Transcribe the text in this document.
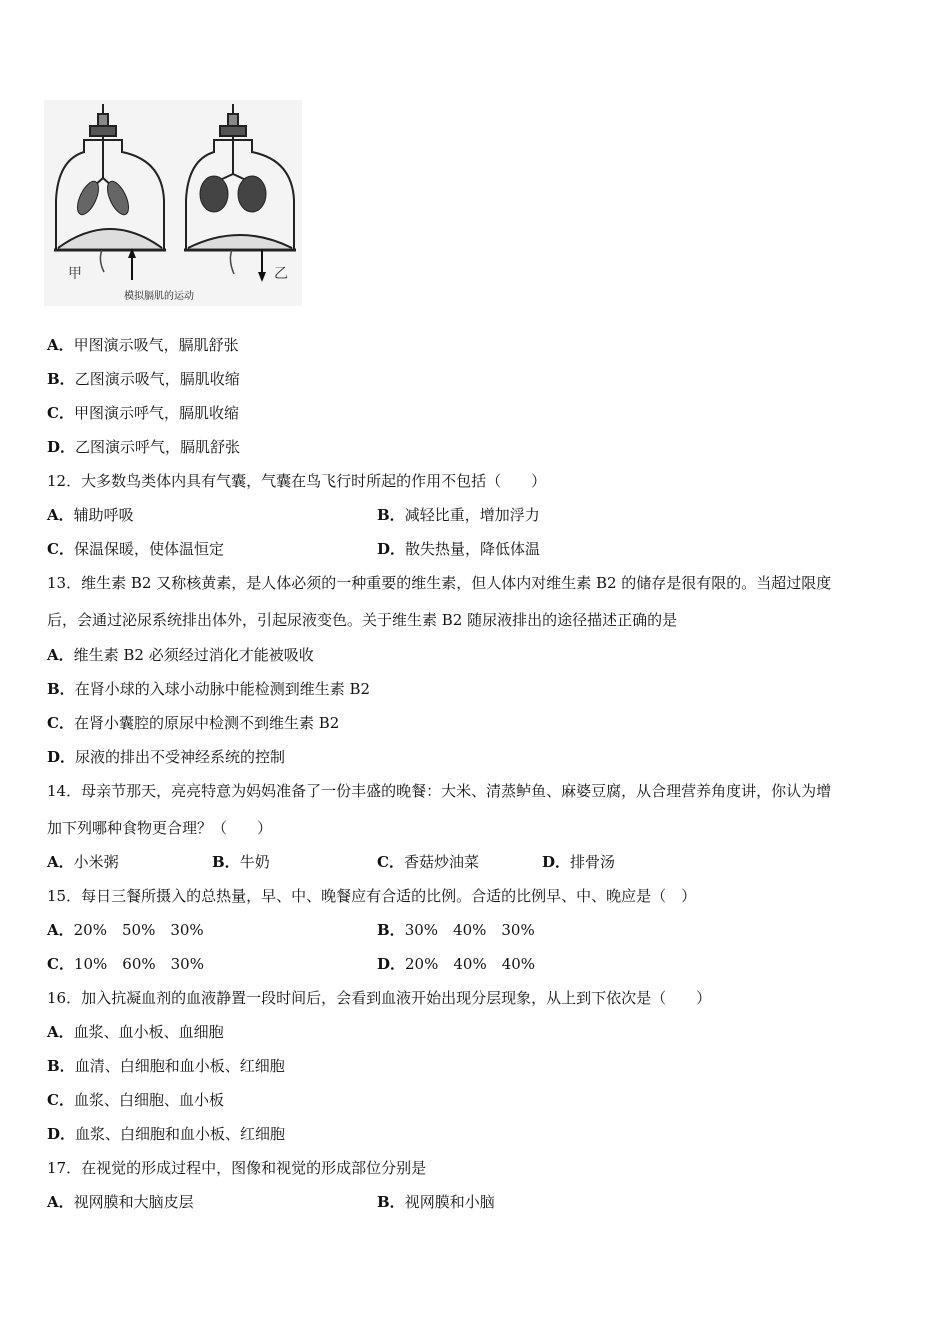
甲	乙
模拟膈肌的运动
A．甲图演示吸气，膈肌舒张
B．乙图演示吸气，膈肌收缩
C．甲图演示呼气，膈肌收缩
D．乙图演示呼气，膈肌舒张
12．大多数鸟类体内具有气囊，气囊在鸟飞行时所起的作用不包括（　　）
A．辅助呼吸	B．减轻比重，增加浮力
C．保温保暖，使体温恒定	D．散失热量，降低体温
13．维生素 B2 又称核黄素，是人体必须的一种重要的维生素，但人体内对维生素 B2 的储存是很有限的。当超过限度
后，会通过泌尿系统排出体外，引起尿液变色。关于维生素 B2 随尿液排出的途径描述正确的是
A．维生素 B2 必须经过消化才能被吸收
B．在肾小球的入球小动脉中能检测到维生素 B2
C．在肾小囊腔的原尿中检测不到维生素 B2
D．尿液的排出不受神经系统的控制
14．母亲节那天，亮亮特意为妈妈准备了一份丰盛的晚餐：大米、清蒸鲈鱼、麻婆豆腐，从合理营养角度讲，你认为增
加下列哪种食物更合理？（　　）
A．小米粥	B．牛奶	C．香菇炒油菜	D．排骨汤
15．每日三餐所摄入的总热量，早、中、晚餐应有合适的比例。合适的比例早、中、晚应是（　）
A．20%　50%　30%	B．30%　40%　30%
C．10%　60%　30%	D．20%　40%　40%
16．加入抗凝血剂的血液静置一段时间后，会看到血液开始出现分层现象，从上到下依次是（　　）
A．血浆、血小板、血细胞
B．血清、白细胞和血小板、红细胞
C．血浆、白细胞、血小板
D．血浆、白细胞和血小板、红细胞
17．在视觉的形成过程中，图像和视觉的形成部位分别是
A．视网膜和大脑皮层	B．视网膜和小脑
